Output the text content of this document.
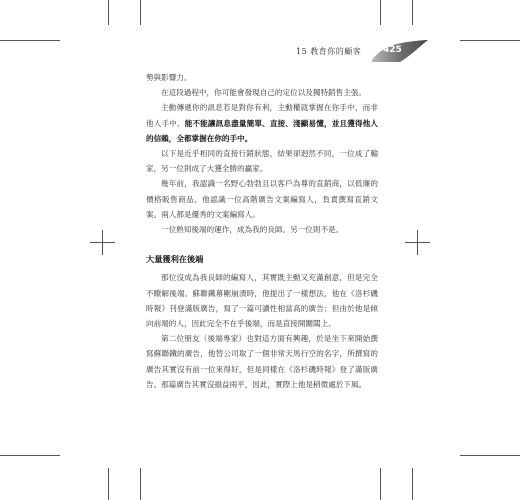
15 教育你的顧客 425

勢與影響力。

在這段過程中，你可能會發現自己的定位以及獨特銷售主張。

主動傳遞你的訊息若是對你有利，主動權就掌握在你手中，而非他人手中。能不能讓訊息盡量簡單、直接、淺顯易懂，並且獲得他人的信賴，全都掌握在你的手中。

以下是近乎相同的直接行銷狀態，結果卻迥然不同，一位成了輸家，另一位則成了大獲全勝的贏家。

幾年前，我認識一名野心勃勃且以客戶為尊的直銷商，以低廉的價格販售商品。他認識一位高階廣告文案編寫人，負責撰寫直銷文案。兩人都是優秀的文案編寫人。

一位熟知後端的運作，成為我的良師。另一位則不是。

大量獲利在後端

那位沒成為我良師的編寫人，其實既主動又充滿創意，但是完全不瞭解後端。蘇聯鐵幕剛崩潰時，他提出了一樣想法，他在《洛杉磯時報》刊登滿版廣告，寫了一篇可讀性相當高的廣告；但由於他是傾向前端的人，因此完全不在乎後端，而是直接開關闆上。

第二位朋友（後端專家）也對這方面有興趣，於是坐下來開始撰寫蘇聯鐵的廣告，他替公司取了一個非常天馬行空的名字，所撰寫的廣告其實沒有前一位來得好，但是同樣在《洛杉磯時報》登了滿版廣告。那篇廣告其實沒損益兩平，因此，實際上他是稍微處於下風。
